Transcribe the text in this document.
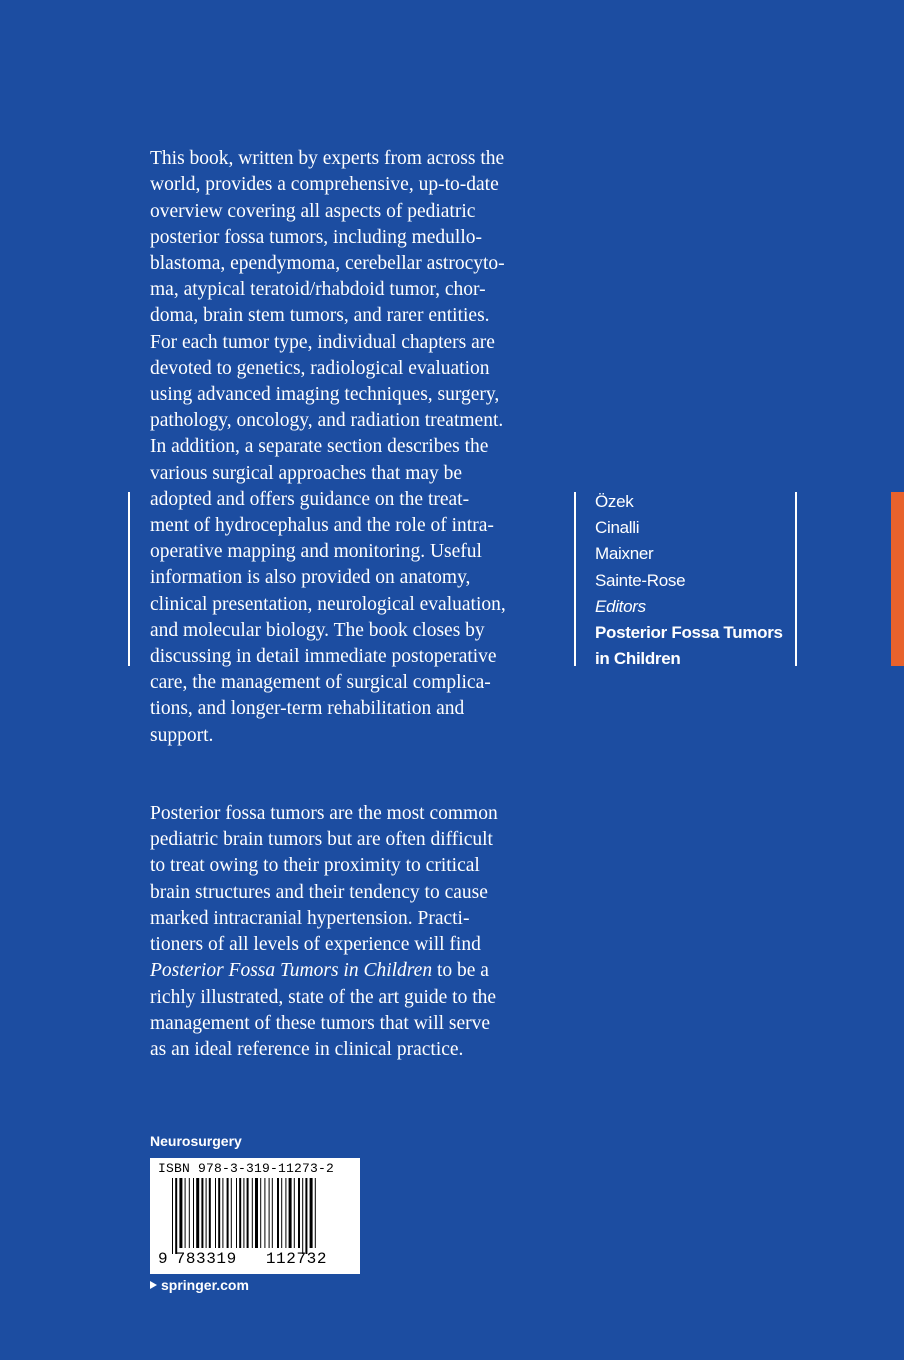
This book, written by experts from across the
world, provides a comprehensive, up-to-date
overview covering all aspects of pediatric
posterior fossa tumors, including medullo-
blastoma, ependymoma, cerebellar astrocyto-
ma, atypical teratoid/rhabdoid tumor, chor-
doma, brain stem tumors, and rarer entities.
For each tumor type, individual chapters are
devoted to genetics, radiological evaluation
using advanced imaging techniques, surgery,
pathology, oncology, and radiation treatment.
In addition, a separate section describes the
various surgical approaches that may be
adopted and offers guidance on the treat-
ment of hydrocephalus and the role of intra-
operative mapping and monitoring. Useful
information is also provided on anatomy,
clinical presentation, neurological evaluation,
and molecular biology. The book closes by
discussing in detail immediate postoperative
care, the management of surgical complica-
tions, and longer-term rehabilitation and
support.

Posterior fossa tumors are the most common
pediatric brain tumors but are often difficult
to treat owing to their proximity to critical
brain structures and their tendency to cause
marked intracranial hypertension. Practi-
tioners of all levels of experience will find
Posterior Fossa Tumors in Children to be a
richly illustrated, state of the art guide to the
management of these tumors that will serve
as an ideal reference in clinical practice.

Özek
Cinalli
Maixner
Sainte-Rose
Editors
Posterior Fossa Tumors
in Children
Neurosurgery
ISBN 978-3-319-11273-2
9 783319	112732
springer.com
